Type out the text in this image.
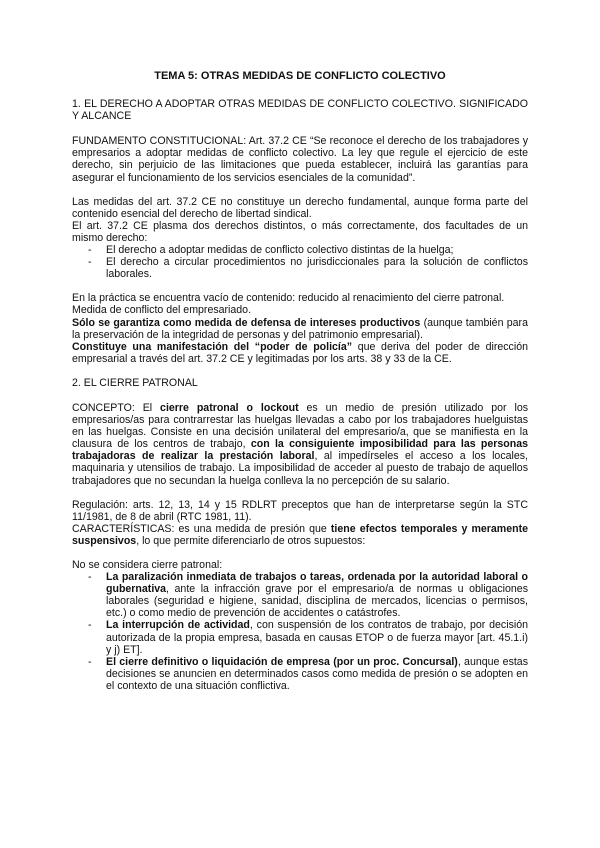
TEMA 5: OTRAS MEDIDAS DE CONFLICTO COLECTIVO
1. EL DERECHO A ADOPTAR OTRAS MEDIDAS DE CONFLICTO COLECTIVO. SIGNIFICADO Y ALCANCE
FUNDAMENTO CONSTITUCIONAL: Art. 37.2 CE “Se reconoce el derecho de los trabajadores y empresarios a adoptar medidas de conflicto colectivo. La ley que regule el ejercicio de este derecho, sin perjuicio de las limitaciones que pueda establecer, incluirá las garantías para asegurar el funcionamiento de los servicios esenciales de la comunidad”.
Las medidas del art. 37.2 CE no constituye un derecho fundamental, aunque forma parte del contenido esencial del derecho de libertad sindical.
El art. 37.2 CE plasma dos derechos distintos, o más correctamente, dos facultades de un mismo derecho:
- El derecho a adoptar medidas de conflicto colectivo distintas de la huelga;
- El derecho a circular procedimientos no jurisdiccionales para la solución de conflictos laborales.
En la práctica se encuentra vacío de contenido: reducido al renacimiento del cierre patronal.
Medida de conflicto del empresariado.
Sólo se garantiza como medida de defensa de intereses productivos (aunque también para la preservación de la integridad de personas y del patrimonio empresarial).
Constituye una manifestación del “poder de policía” que deriva del poder de dirección empresarial a través del art. 37.2 CE y legitimadas por los arts. 38 y 33 de la CE.
2. EL CIERRE PATRONAL
CONCEPTO: El cierre patronal o lockout es un medio de presión utilizado por los empresarios/as para contrarrestar las huelgas llevadas a cabo por los trabajadores huelguistas en las huelgas. Consiste en una decisión unilateral del empresario/a, que se manifiesta en la clausura de los centros de trabajo, con la consiguiente imposibilidad para las personas trabajadoras de realizar la prestación laboral, al impedírseles el acceso a los locales, maquinaria y utensilios de trabajo. La imposibilidad de acceder al puesto de trabajo de aquellos trabajadores que no secundan la huelga conlleva la no percepción de su salario.
Regulación: arts. 12, 13, 14 y 15 RDLRT preceptos que han de interpretarse según la STC 11/1981, de 8 de abril (RTC 1981, 11).
CARACTERÍSTICAS: es una medida de presión que tiene efectos temporales y meramente suspensivos, lo que permite diferenciarlo de otros supuestos:
No se considera cierre patronal:
- La paralización inmediata de trabajos o tareas, ordenada por la autoridad laboral o gubernativa, ante la infracción grave por el empresario/a de normas u obligaciones laborales (seguridad e higiene, sanidad, disciplina de mercados, licencias o permisos, etc.) o como medio de prevención de accidentes o catástrofes.
- La interrupción de actividad, con suspensión de los contratos de trabajo, por decisión autorizada de la propia empresa, basada en causas ETOP o de fuerza mayor [art. 45.1.i) y j) ET].
- El cierre definitivo o liquidación de empresa (por un proc. Concursal), aunque estas decisiones se anuncien en determinados casos como medida de presión o se adopten en el contexto de una situación conflictiva.
